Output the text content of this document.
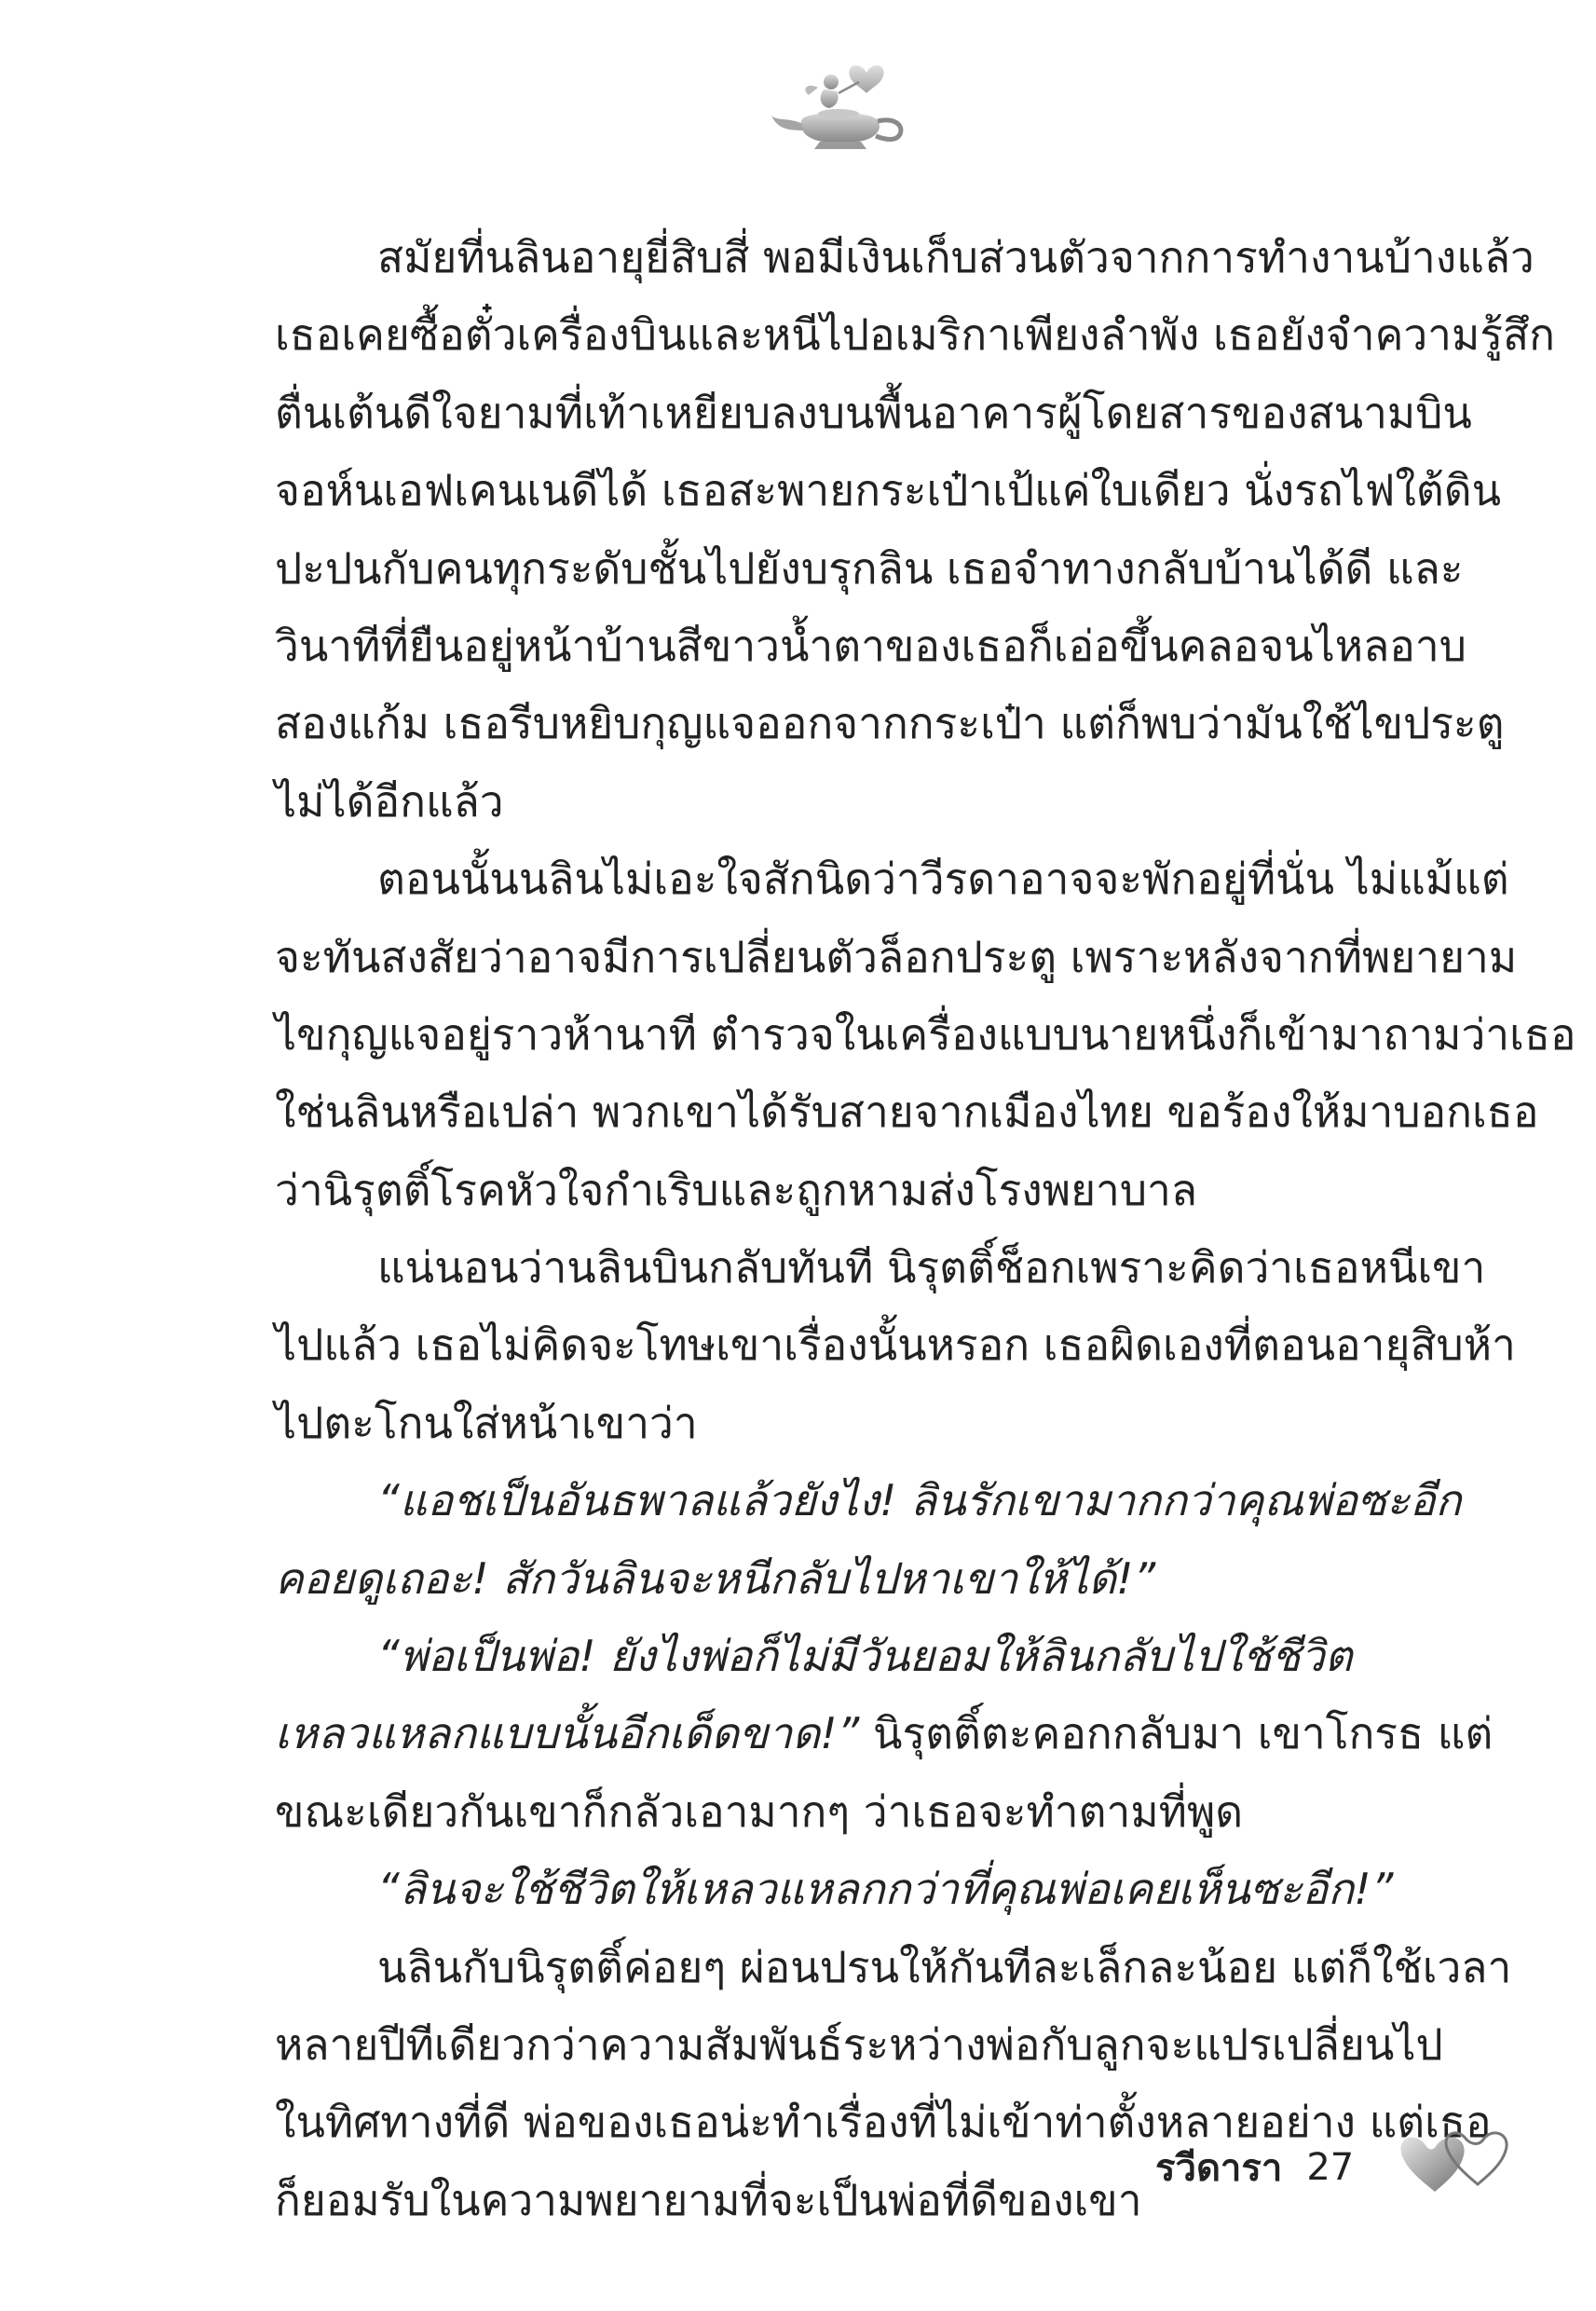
สมัยที่นลินอายุยี่สิบสี่ พอมีเงินเก็บส่วนตัวจากการทำงานบ้างแล้ว
เธอเคยซื้อตั๋วเครื่องบินและหนีไปอเมริกาเพียงลำพัง เธอยังจำความรู้สึก
ตื่นเต้นดีใจยามที่เท้าเหยียบลงบนพื้นอาคารผู้โดยสารของสนามบิน
จอห์นเอฟเคนเนดีได้ เธอสะพายกระเป๋าเป้แค่ใบเดียว นั่งรถไฟใต้ดิน
ปะปนกับคนทุกระดับชั้นไปยังบรุกลิน เธอจำทางกลับบ้านได้ดี และ
วินาทีที่ยืนอยู่หน้าบ้านสีขาวน้ำตาของเธอก็เอ่อขึ้นคลอจนไหลอาบ
สองแก้ม เธอรีบหยิบกุญแจออกจากกระเป๋า แต่ก็พบว่ามันใช้ไขประตู
ไม่ได้อีกแล้ว
ตอนนั้นนลินไม่เอะใจสักนิดว่าวีรดาอาจจะพักอยู่ที่นั่น ไม่แม้แต่
จะทันสงสัยว่าอาจมีการเปลี่ยนตัวล็อกประตู เพราะหลังจากที่พยายาม
ไขกุญแจอยู่ราวห้านาที ตำรวจในเครื่องแบบนายหนึ่งก็เข้ามาถามว่าเธอ
ใช่นลินหรือเปล่า พวกเขาได้รับสายจากเมืองไทย ขอร้องให้มาบอกเธอ
ว่านิรุตติ์โรคหัวใจกำเริบและถูกหามส่งโรงพยาบาล
แน่นอนว่านลินบินกลับทันที นิรุตติ์ช็อกเพราะคิดว่าเธอหนีเขา
ไปแล้ว เธอไม่คิดจะโทษเขาเรื่องนั้นหรอก เธอผิดเองที่ตอนอายุสิบห้า
ไปตะโกนใส่หน้าเขาว่า
“แอชเป็นอันธพาลแล้วยังไง! ลินรักเขามากกว่าคุณพ่อซะอีก
คอยดูเถอะ! สักวันลินจะหนีกลับไปหาเขาให้ได้!”
“พ่อเป็นพ่อ! ยังไงพ่อก็ไม่มีวันยอมให้ลินกลับไปใช้ชีวิต
เหลวแหลกแบบนั้นอีกเด็ดขาด!” นิรุตติ์ตะคอกกลับมา เขาโกรธ แต่
ขณะเดียวกันเขาก็กลัวเอามากๆ ว่าเธอจะทำตามที่พูด
“ลินจะใช้ชีวิตให้เหลวแหลกกว่าที่คุณพ่อเคยเห็นซะอีก!”
นลินกับนิรุตติ์ค่อยๆ ผ่อนปรนให้กันทีละเล็กละน้อย แต่ก็ใช้เวลา
หลายปีทีเดียวกว่าความสัมพันธ์ระหว่างพ่อกับลูกจะแปรเปลี่ยนไป
ในทิศทางที่ดี พ่อของเธอน่ะทำเรื่องที่ไม่เข้าท่าตั้งหลายอย่าง แต่เธอ
ก็ยอมรับในความพยายามที่จะเป็นพ่อที่ดีของเขา
รวีดารา 27
